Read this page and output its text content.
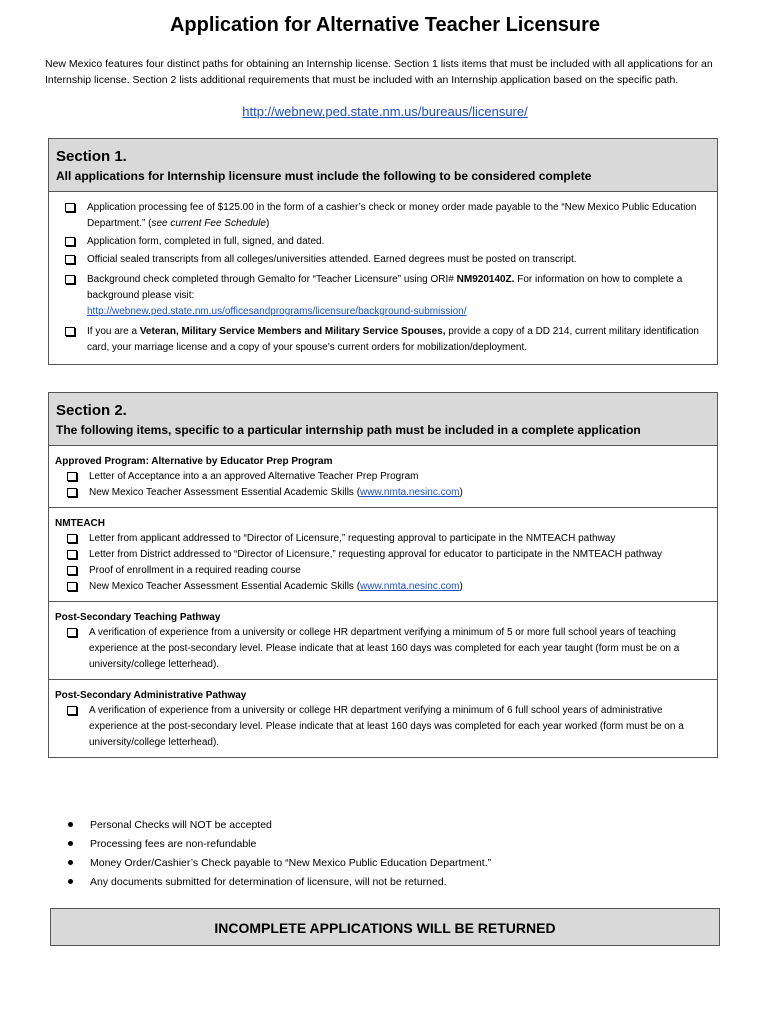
Application for Alternative Teacher Licensure
New Mexico features four distinct paths for obtaining an Internship license. Section 1 lists items that must be included with all applications for an Internship license. Section 2 lists additional requirements that must be included with an Internship application based on the specific path.
http://webnew.ped.state.nm.us/bureaus/licensure/
Section 1.
All applications for Internship licensure must include the following to be considered complete
Application processing fee of $125.00 in the form of a cashier’s check or money order made payable to the “New Mexico Public Education Department.” (see current Fee Schedule)
Application form, completed in full, signed, and dated.
Official sealed transcripts from all colleges/universities attended. Earned degrees must be posted on transcript.
Background check completed through Gemalto for “Teacher Licensure” using ORI# NM920140Z. For information on how to complete a background please visit:
http://webnew.ped.state.nm.us/officesandprograms/licensure/background-submission/
If you are a Veteran, Military Service Members and Military Service Spouses, provide a copy of a DD 214, current military identification card, your marriage license and a copy of your spouse’s current orders for mobilization/deployment.
Section 2.
The following items, specific to a particular internship path must be included in a complete application
Approved Program: Alternative by Educator Prep Program
Letter of Acceptance into a an approved Alternative Teacher Prep Program
New Mexico Teacher Assessment Essential Academic Skills (www.nmta.nesinc.com)
NMTEACH
Letter from applicant addressed to “Director of Licensure,” requesting approval to participate in the NMTEACH pathway
Letter from District addressed to “Director of Licensure,” requesting approval for educator to participate in the NMTEACH pathway
Proof of enrollment in a required reading course
New Mexico Teacher Assessment Essential Academic Skills (www.nmta.nesinc.com)
Post-Secondary Teaching Pathway
A verification of experience from a university or college HR department verifying a minimum of 5 or more full school years of teaching experience at the post-secondary level. Please indicate that at least 160 days was completed for each year taught (form must be on a university/college letterhead).
Post-Secondary Administrative Pathway
A verification of experience from a university or college HR department verifying a minimum of 6 full school years of administrative experience at the post-secondary level. Please indicate that at least 160 days was completed for each year worked (form must be on a university/college letterhead).
Personal Checks will NOT be accepted
Processing fees are non-refundable
Money Order/Cashier’s Check payable to “New Mexico Public Education Department.”
Any documents submitted for determination of licensure, will not be returned.
INCOMPLETE APPLICATIONS WILL BE RETURNED
